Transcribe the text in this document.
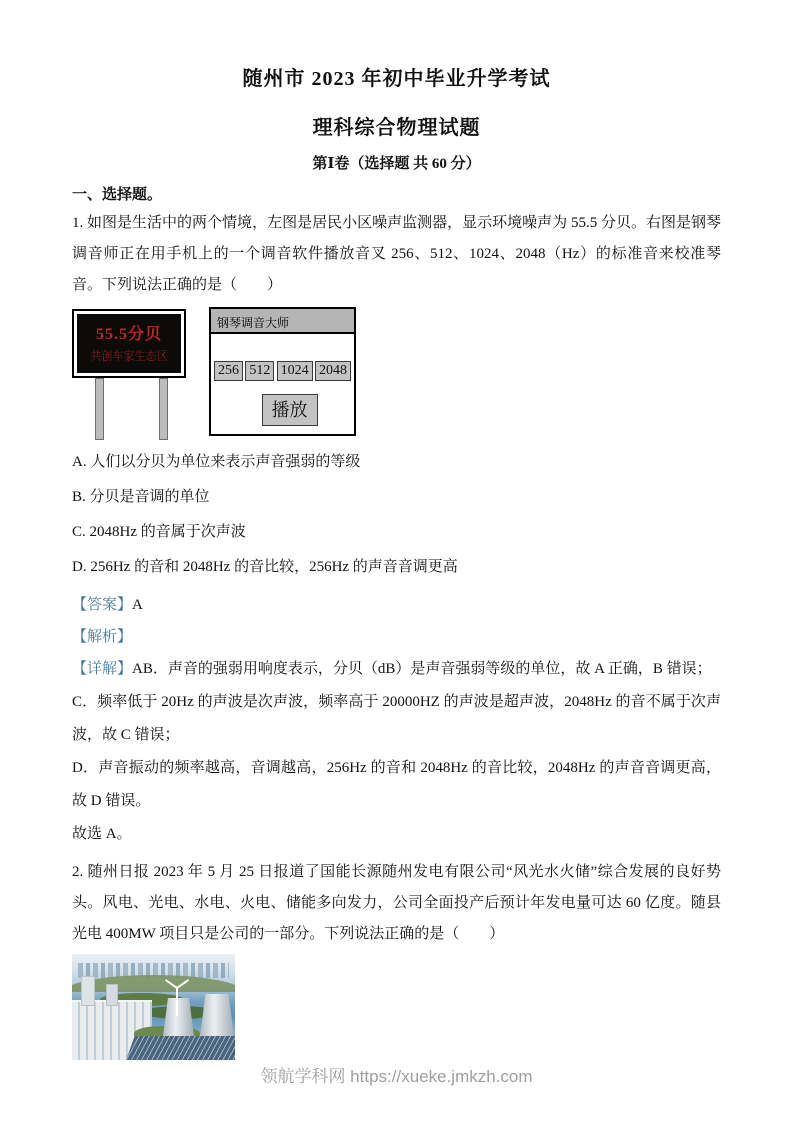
随州市 2023 年初中毕业升学考试
理科综合物理试题
第Ⅰ卷（选择题 共 60 分）
一、选择题。

1. 如图是生活中的两个情境，左图是居民小区噪声监测器，显示环境噪声为 55.5 分贝。右图是钢琴调音师正在用手机上的一个调音软件播放音叉 256、512、1024、2048（Hz）的标准音来校准琴音。下列说法正确的是（　　）

55.5分贝
共创车家生态区
钢琴调音大师
256 512 1024 2048
播放

A. 人们以分贝为单位来表示声音强弱的等级

B. 分贝是音调的单位

C. 2048Hz 的音属于次声波

D. 256Hz 的音和 2048Hz 的音比较，256Hz 的声音音调更高

【答案】A

【解析】

【详解】AB．声音的强弱用响度表示，分贝（dB）是声音强弱等级的单位，故 A 正确，B 错误；

C．频率低于 20Hz 的声波是次声波，频率高于 20000HZ 的声波是超声波，2048Hz 的音不属于次声波，故 C 错误；

D．声音振动的频率越高，音调越高，256Hz 的音和 2048Hz 的音比较，2048Hz 的声音音调更高，故 D 错误。

故选 A。

2. 随州日报 2023 年 5 月 25 日报道了国能长源随州发电有限公司“风光水火储”综合发展的良好势头。风电、光电、水电、火电、储能多向发力，公司全面投产后预计年发电量可达 60 亿度。随县光电 400MW 项目只是公司的一部分。下列说法正确的是（　　）

领航学科网 https://xueke.jmkzh.com
